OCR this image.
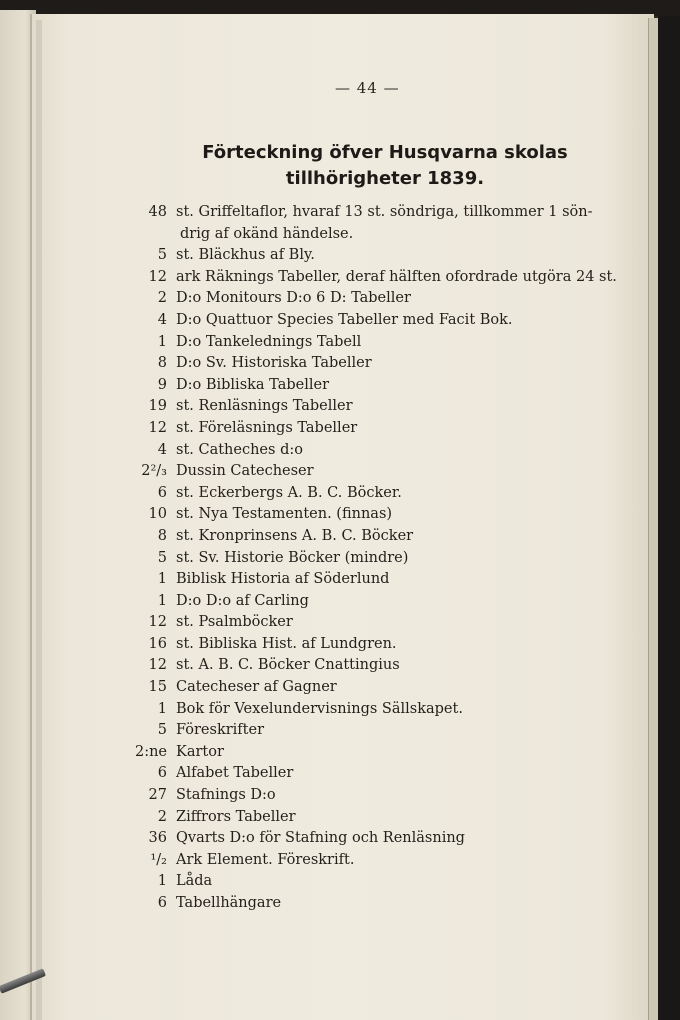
— 44 —
Förteckning öfver Husqvarna skolas
tillhörigheter 1839.
48 st. Griffeltaflor, hvaraf 13 st. söndriga, tillkommer 1 sön-
drig af okänd händelse.
5 st. Bläckhus af Bly.
12 ark Räknings Tabeller, deraf hälften ofordrade utgöra 24 st.
2 D:o Monitours D:o 6 D: Tabeller
4 D:o Quattuor Species Tabeller med Facit Bok.
1 D:o Tankelednings Tabell
8 D:o Sv. Historiska Tabeller
9 D:o Bibliska Tabeller
19 st. Renläsnings Tabeller
12 st. Föreläsnings Tabeller
4 st. Catheches d:o
2²/₃ Dussin Catecheser
6 st. Eckerbergs A. B. C. Böcker.
10 st. Nya Testamenten. (finnas)
8 st. Kronprinsens A. B. C. Böcker
5 st. Sv. Historie Böcker (mindre)
1 Biblisk Historia af Söderlund
1 D:o D:o af Carling
12 st. Psalmböcker
16 st. Bibliska Hist. af Lundgren.
12 st. A. B. C. Böcker Cnattingius
15 Catecheser af Gagner
1 Bok för Vexelundervisnings Sällskapet.
5 Föreskrifter
2:ne Kartor
6 Alfabet Tabeller
27 Stafnings D:o
2 Ziffrors Tabeller
36 Qvarts D:o för Stafning och Renläsning
¹/₂ Ark Element. Föreskrift.
1 Låda
6 Tabellhängare
